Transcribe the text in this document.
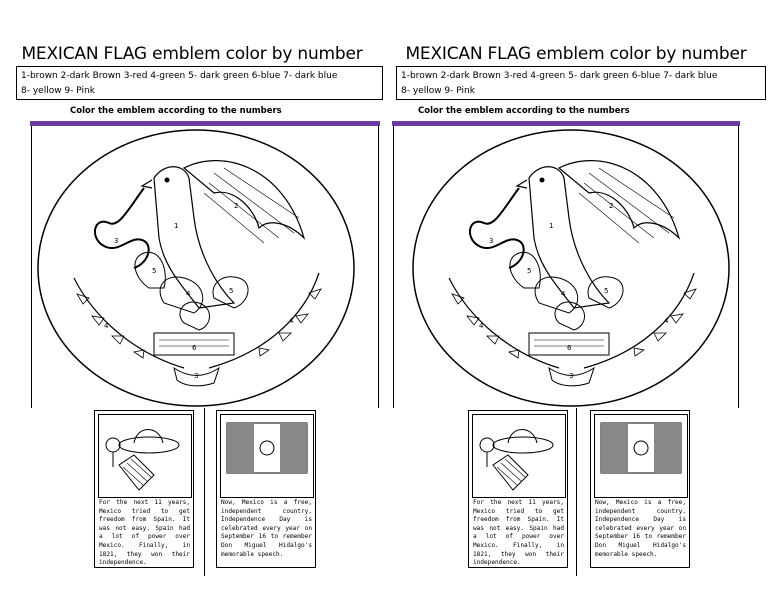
MEXICAN FLAG emblem color by number
1-brown 2-dark Brown 3-red 4-green 5- dark green 6-blue 7- dark blue
8- yellow 9- Pink
Color the emblem according to the numbers
2
1
5
4	5
6
3
4
4
3
For the next 11 years, Mexico tried to get freedom from Spain. It was not easy. Spain had a lot of power over Mexico. Finally, in 1821, they won their independence.
Now, Mexico is a free, independent country. Independence Day is celebrated every year on September 16 to remember Don Miguel Hidalgo's memorable speech.
MEXICAN FLAG emblem color by number
1-brown 2-dark Brown 3-red 4-green 5- dark green 6-blue 7- dark blue
8- yellow 9- Pink
Color the emblem according to the numbers
2
1
5
4	5
6
3
4
4
3
For the next 11 years, Mexico tried to get freedom from Spain. It was not easy. Spain had a lot of power over Mexico. Finally, in 1821, they won their independence.
Now, Mexico is a free, independent country. Independence Day is celebrated every year on September 16 to remember Don Miguel Hidalgo's memorable speech.
